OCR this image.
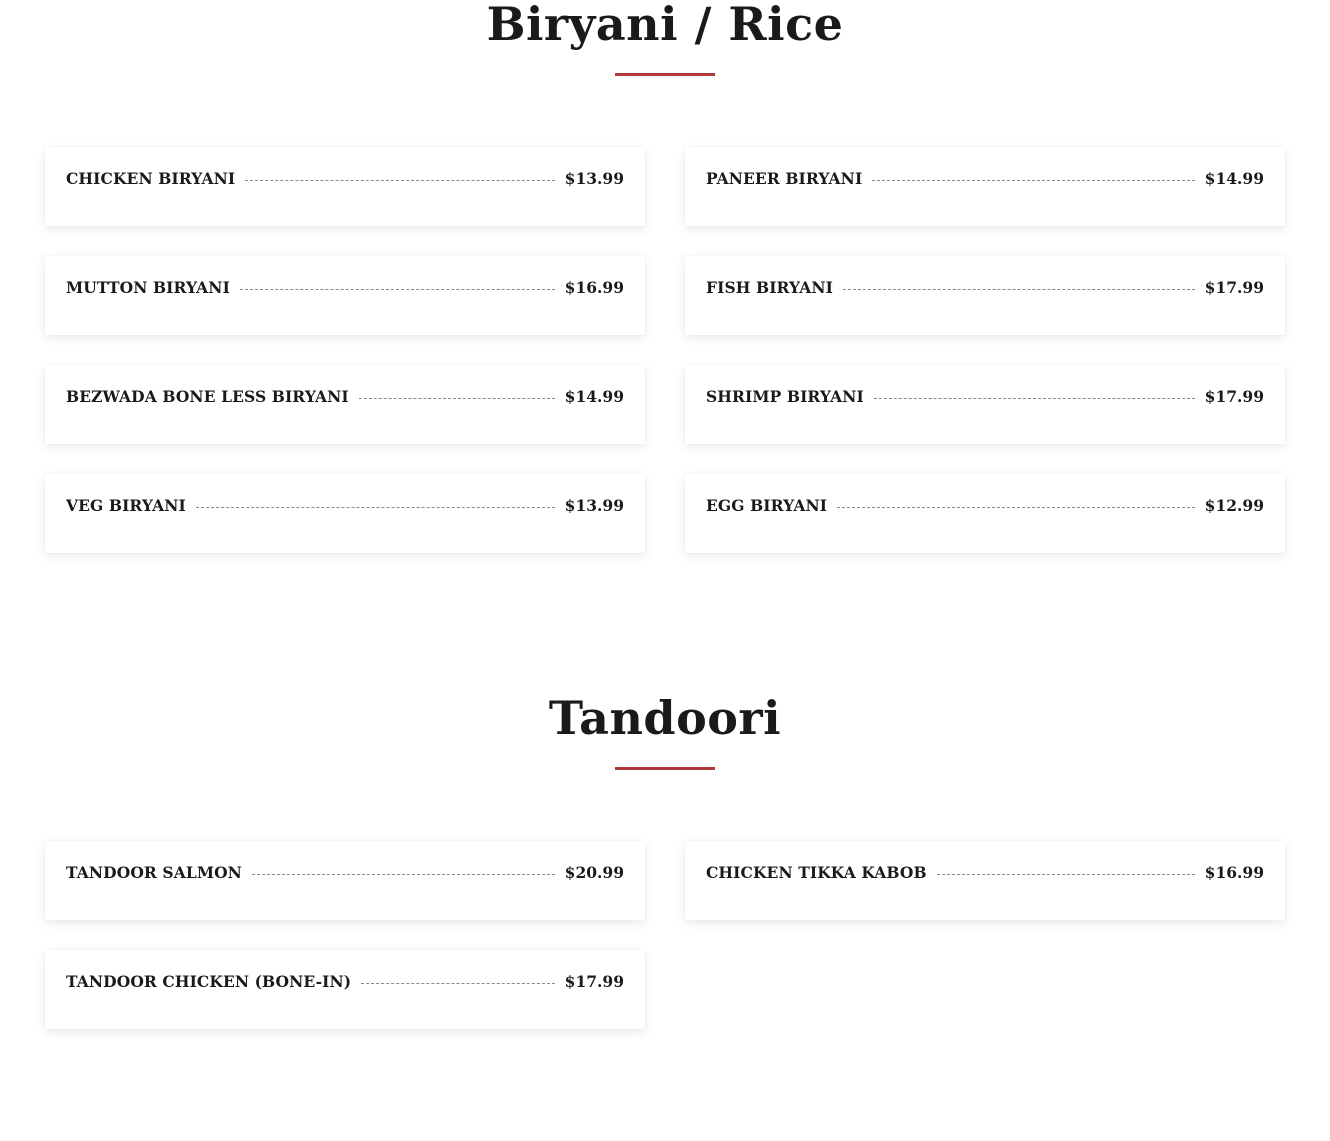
Biryani / Rice
CHICKEN BIRYANI	$13.99	PANEER BIRYANI	$14.99
MUTTON BIRYANI	$16.99	FISH BIRYANI	$17.99
BEZWADA BONE LESS BIRYANI	$14.99	SHRIMP BIRYANI	$17.99
VEG BIRYANI	$13.99	EGG BIRYANI	$12.99
Tandoori
TANDOOR SALMON	$20.99	CHICKEN TIKKA KABOB	$16.99
TANDOOR CHICKEN (BONE-IN)	$17.99
